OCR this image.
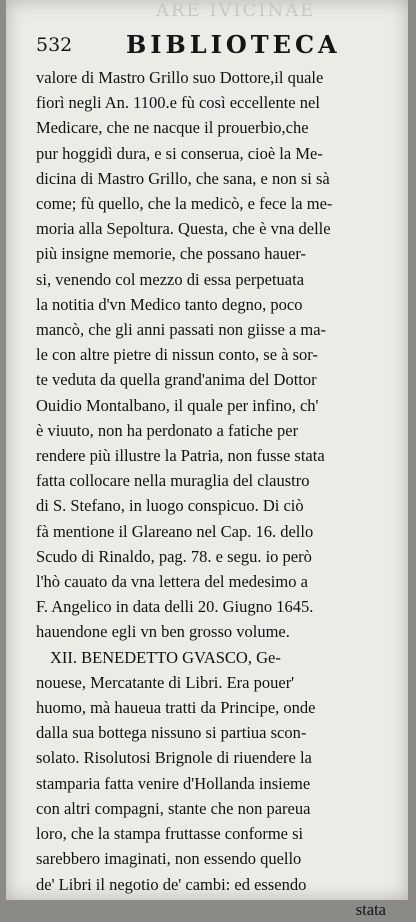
ARE IVICINAE
532 BIBLIOTECA
valore di Mastro Grillo suo Dottore,il quale
fiorì negli An. 1100.e fù così eccellente nel
Medicare, che ne nacque il prouerbio,che
pur hoggidì dura, e si conserua, cioè la Me-
dicina di Mastro Grillo, che sana, e non si sà
come; fù quello, che la medicò, e fece la me-
moria alla Sepoltura. Questa, che è vna delle
più insigne memorie, che possano hauer-
si, venendo col mezzo di essa perpetuata
la notitia d'vn Medico tanto degno, poco
mancò, che gli anni passati non giisse a ma-
le con altre pietre di nissun conto, se à sor-
te veduta da quella grand'anima del Dottor
Ouidio Montalbano, il quale per infino, ch'
è viuuto, non ha perdonato a fatiche per
rendere più illustre la Patria, non fusse stata
fatta collocare nella muraglia del claustro
di S. Stefano, in luogo conspicuo. Di ciò
fà mentione il Glareano nel Cap. 16. dello
Scudo di Rinaldo, pag. 78. e segu. io però
l'hò cauato da vna lettera del medesimo a
F. Angelico in data delli 20. Giugno 1645.
hauendone egli vn ben grosso volume.
XII. BENEDETTO GVASCO, Ge-
nouese, Mercatante di Libri. Era pouer'
huomo, mà haueua tratti da Principe, onde
dalla sua bottega nissuno si partiua scon-
solato. Risolutosi Brignole di riuendere la
stamparia fatta venire d'Hollanda insieme
con altri compagni, stante che non pareua
loro, che la stampa fruttasse conforme si
sarebbero imaginati, non essendo quello
de' Libri il negotio de' cambi: ed essendo
stata
